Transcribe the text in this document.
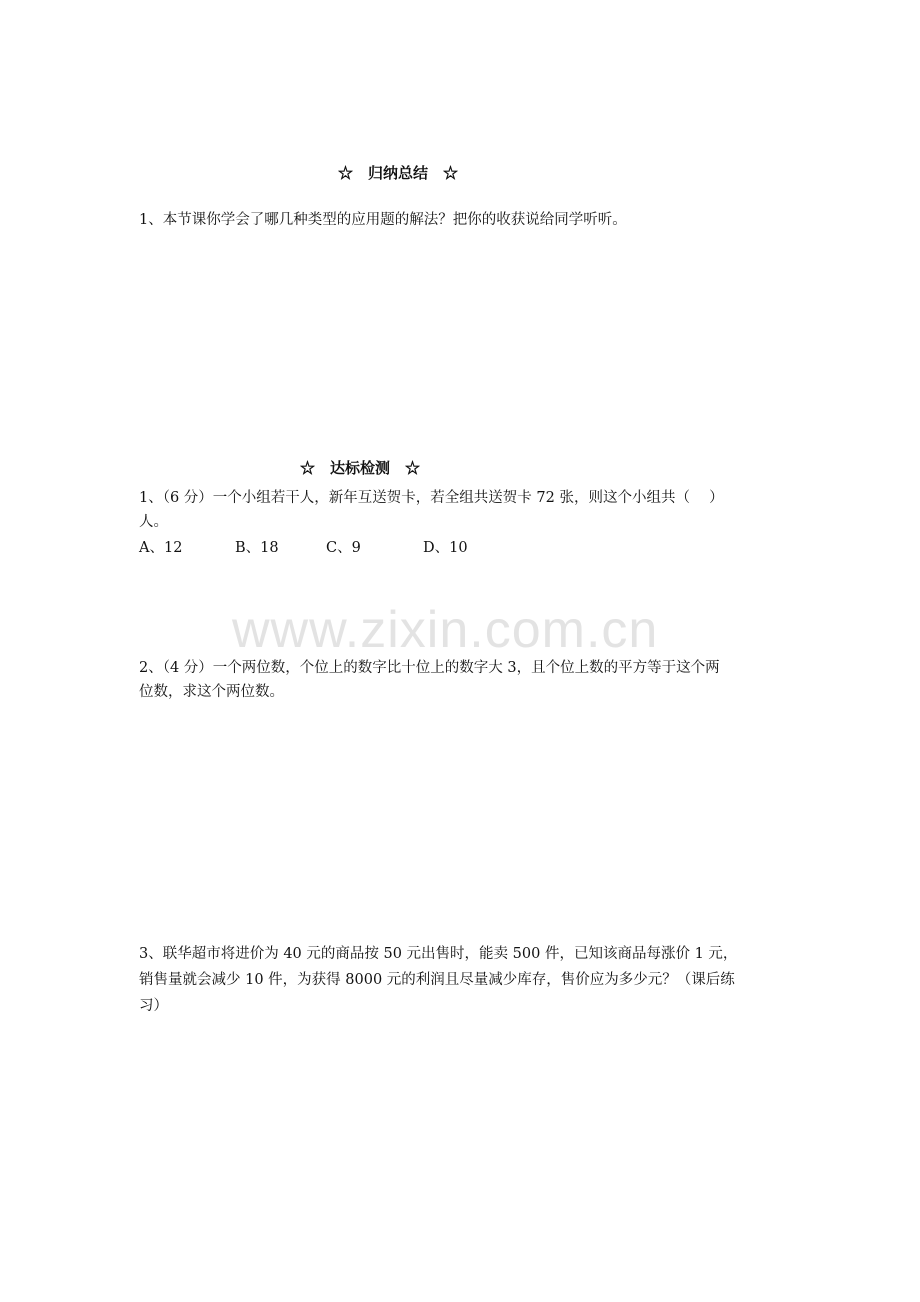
☆　归纳总结　☆
1、本节课你学会了哪几种类型的应用题的解法？把你的收获说给同学听听。
☆　达标检测　☆
1、（6 分）一个小组若干人，新年互送贺卡，若全组共送贺卡 72 张，则这个小组共（　 ）
人。
A、12	B、18	C、9	D、10
www.zixin.com.cn
2、（4 分）一个两位数，个位上的数字比十位上的数字大 3，且个位上数的平方等于这个两
位数，求这个两位数。
3、联华超市将进价为 40 元的商品按 50 元出售时，能卖 500 件，已知该商品每涨价 1 元，
销售量就会减少 10 件，为获得 8000 元的利润且尽量减少库存，售价应为多少元？（课后练
习）
